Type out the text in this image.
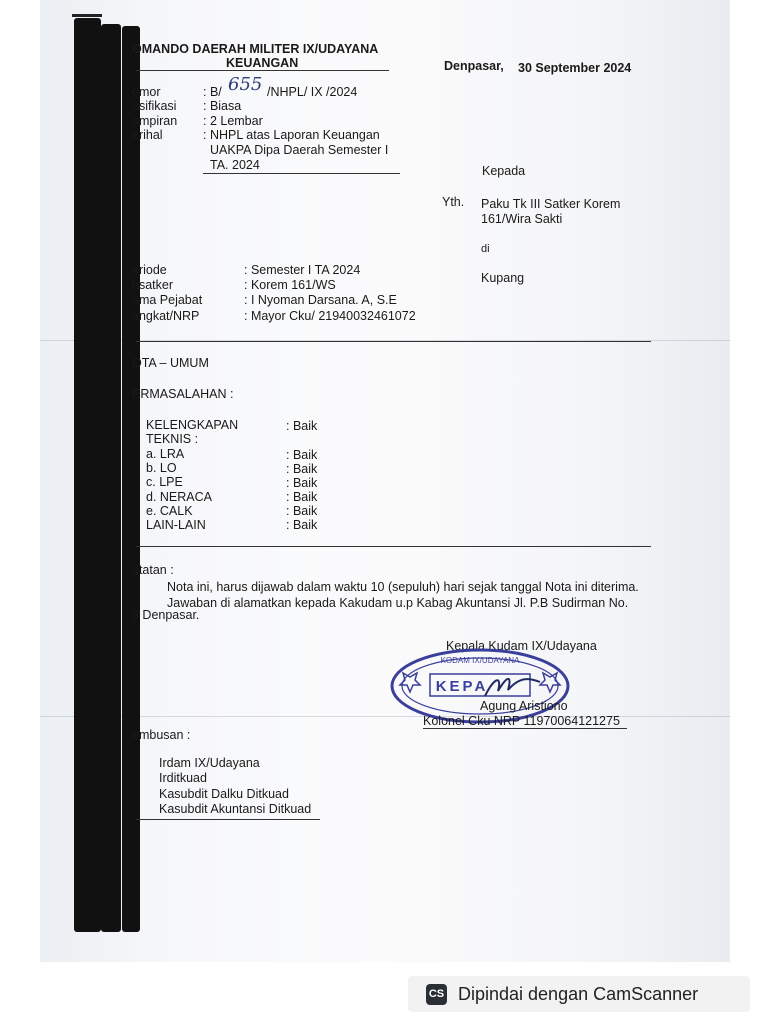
OMANDO DAERAH MILITER IX/UDAYANA
KEUANGAN	Denpasar, 30 September 2024
omor	: B/ 655 /NHPL/ IX /2024
asifikasi : Biasa
ampiran : 2 Lembar
erihal	: NHPL atas Laporan Keuangan
UAKPA Dipa Daerah Semester I
TA. 2024	Kepada
Yth. Paku Tk III Satker Korem
161/Wira Sakti
di
Kupang
eriode	: Semester I TA 2024
usatker	: Korem 161/WS
ama Pejabat	: I Nyoman Darsana. A, S.E
angkat/NRP	: Mayor Cku/ 21940032461072
OTA – UMUM
ERMASALAHAN :
KELENGKAPAN	: Baik
TEKNIS :
a. LRA	: Baik
b. LO	: Baik
c. LPE	: Baik
d. NERACA	: Baik
e. CALK	: Baik
LAIN-LAIN	: Baik
atatan :
Nota ini, harus dijawab dalam waktu 10 (sepuluh) hari sejak tanggal Nota ini diterima.
Jawaban di alamatkan kepada Kakudam u.p Kabag Akuntansi Jl. P.B Sudirman No.
3 Denpasar.
Kepala Kudam IX/Udayana
KODAM IX/UDAYANA
KEPA
Agung Aristiono
Kolonel Cku NRP 11970064121275
embusan :
Irdam IX/Udayana
Irditkuad
Kasubdit Dalku Ditkuad
Kasubdit Akuntansi Ditkuad
CS Dipindai dengan CamScanner
